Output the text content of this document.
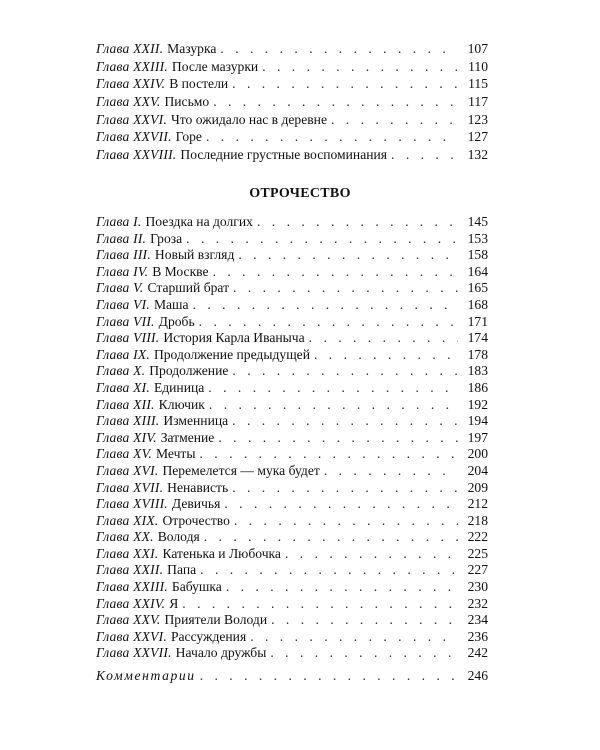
Глава XXII. Мазурка . . .	107
Глава XXIII. После мазурки . . .	110
Глава XXIV. В постели . . .	115
Глава XXV. Письмо . . .	117
Глава XXVI. Что ожидало нас в деревне . . .	123
Глава XXVII. Горе . . .	127
Глава XXVIII. Последние грустные воспоминания . . .	132
ОТРОЧЕСТВО
Глава I. Поездка на долгих . . .	145
Глава II. Гроза . . .	153
Глава III. Новый взгляд . . .	158
Глава IV. В Москве . . .	164
Глава V. Старший брат . . .	165
Глава VI. Маша . . .	168
Глава VII. Дробь . . .	171
Глава VIII. История Карла Иваныча . . .	174
Глава IX. Продолжение предыдущей . . .	178
Глава X. Продолжение . . .	183
Глава XI. Единица . . .	186
Глава XII. Ключик . . .	192
Глава XIII. Изменница . . .	194
Глава XIV. Затмение . . .	197
Глава XV. Мечты . . .	200
Глава XVI. Перемелется — мука будет . . .	204
Глава XVII. Ненависть . . .	209
Глава XVIII. Девичья . . .	212
Глава XIX. Отрочество . . .	218
Глава XX. Володя . . .	222
Глава XXI. Катенька и Любочка . . .	225
Глава XXII. Папа . . .	227
Глава XXIII. Бабушка . . .	230
Глава XXIV. Я . . .	232
Глава XXV. Приятели Володи . . .	234
Глава XXVI. Рассуждения . . .	236
Глава XXVII. Начало дружбы . . .	242
Комментарии . . .	246
